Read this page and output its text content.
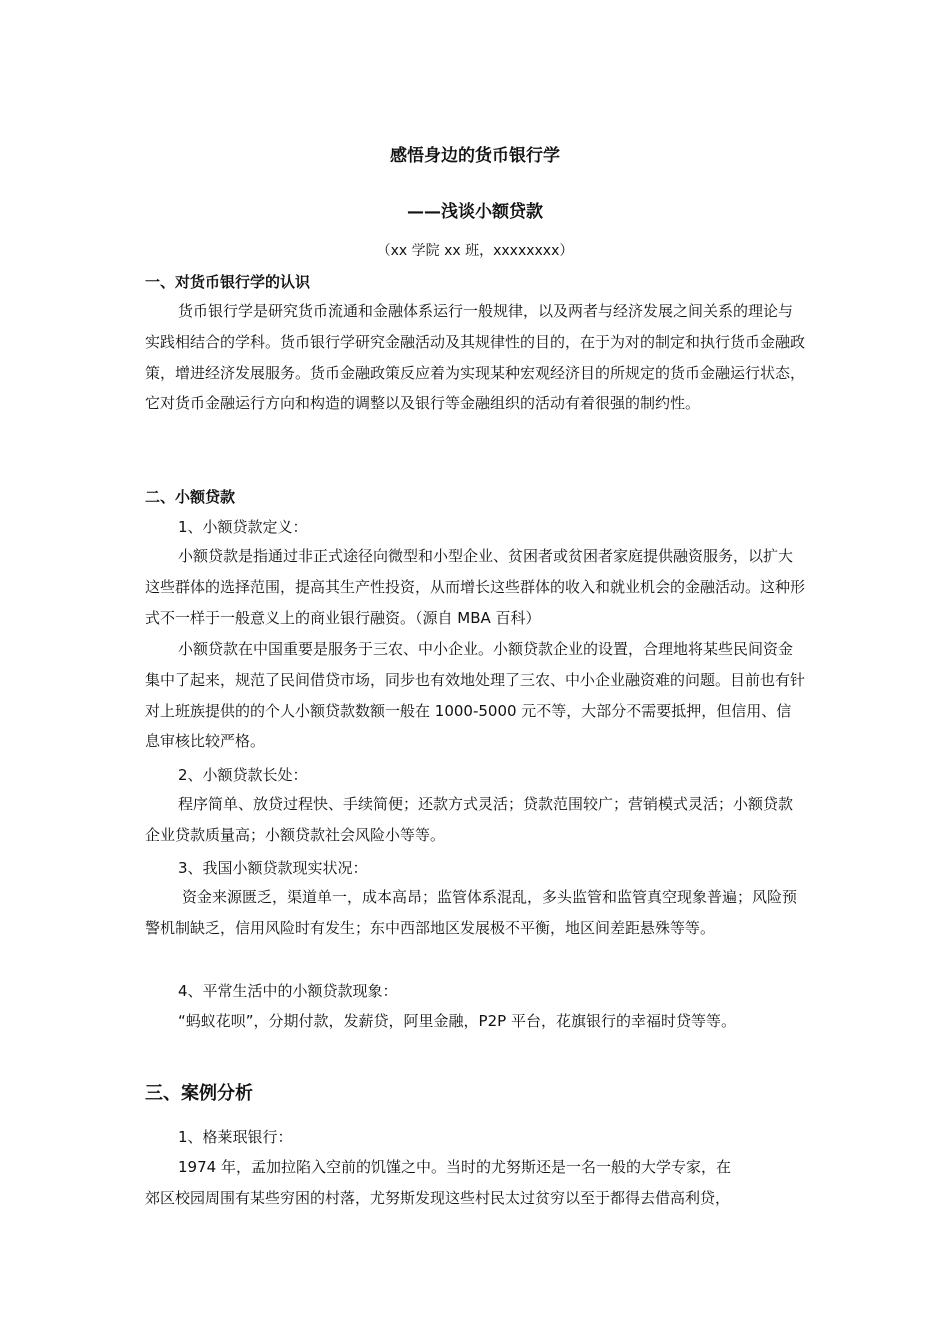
感悟身边的货币银行学
——浅谈小额贷款
（xx 学院 xx 班，xxxxxxxx）
一、对货币银行学的认识
货币银行学是研究货币流通和金融体系运行一般规律，以及两者与经济发展之间关系的理论与实践相结合的学科。货币银行学研究金融活动及其规律性的目的，在于为对的制定和执行货币金融政策，增进经济发展服务。货币金融政策反应着为实现某种宏观经济目的所规定的货币金融运行状态，它对货币金融运行方向和构造的调整以及银行等金融组织的活动有着很强的制约性。
二、小额贷款
1、小额贷款定义：
小额贷款是指通过非正式途径向微型和小型企业、贫困者或贫困者家庭提供融资服务，以扩大这些群体的选择范围，提高其生产性投资，从而增长这些群体的收入和就业机会的金融活动。这种形式不一样于一般意义上的商业银行融资。（源自 MBA 百科）
小额贷款在中国重要是服务于三农、中小企业。小额贷款企业的设置，合理地将某些民间资金集中了起来，规范了民间借贷市场，同步也有效地处理了三农、中小企业融资难的问题。目前也有针对上班族提供的的个人小额贷款数额一般在 1000-5000 元不等，大部分不需要抵押，但信用、信息审核比较严格。
2、小额贷款长处：
程序简单、放贷过程快、手续简便；还款方式灵活；贷款范围较广；营销模式灵活；小额贷款企业贷款质量高；小额贷款社会风险小等等。
3、我国小额贷款现实状况：
资金来源匮乏，渠道单一，成本高昂；监管体系混乱，多头监管和监管真空现象普遍；风险预警机制缺乏，信用风险时有发生；东中西部地区发展极不平衡，地区间差距悬殊等等。
4、平常生活中的小额贷款现象：
“蚂蚁花呗”，分期付款，发薪贷，阿里金融，P2P 平台，花旗银行的幸福时贷等等。
三、案例分析
1、格莱珉银行：
1974 年，孟加拉陷入空前的饥馑之中。当时的尤努斯还是一名一般的大学专家，在
郊区校园周围有某些穷困的村落，尤努斯发现这些村民太过贫穷以至于都得去借高利贷，
